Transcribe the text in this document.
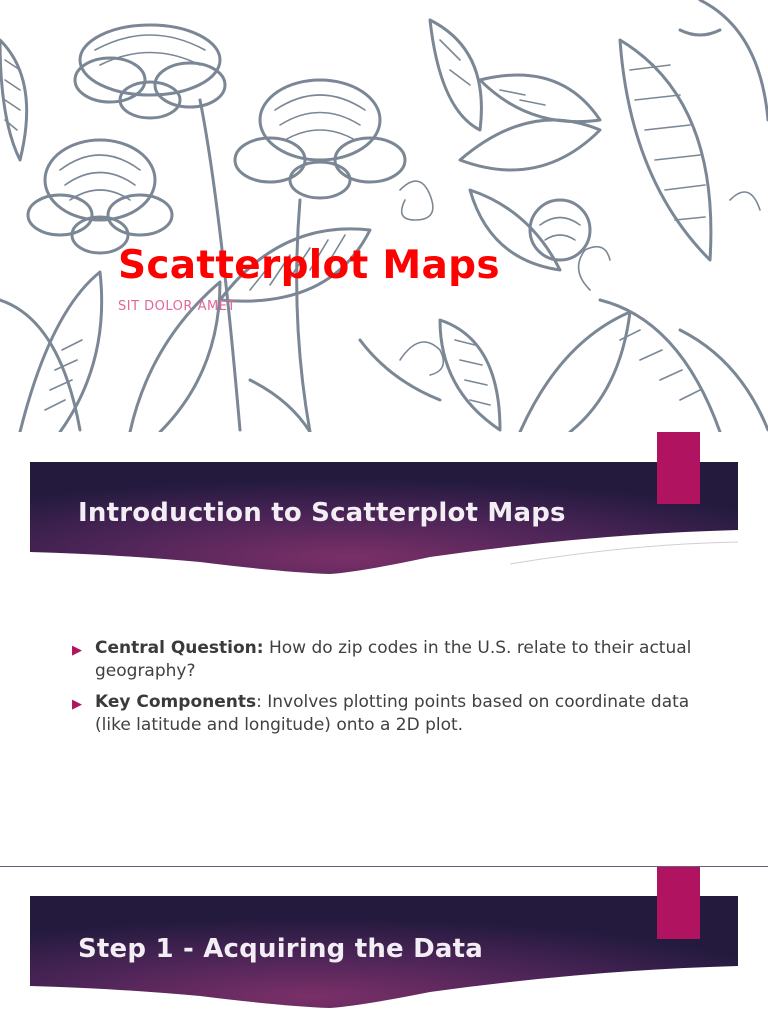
Scatterplot Maps
SIT DOLOR AMET
Introduction to Scatterplot Maps
▶ Central Question: How do zip codes in the U.S. relate to their actual geography?
▶ Key Components: Involves plotting points based on coordinate data (like latitude and longitude) onto a 2D plot.
Step 1 - Acquiring the Data
